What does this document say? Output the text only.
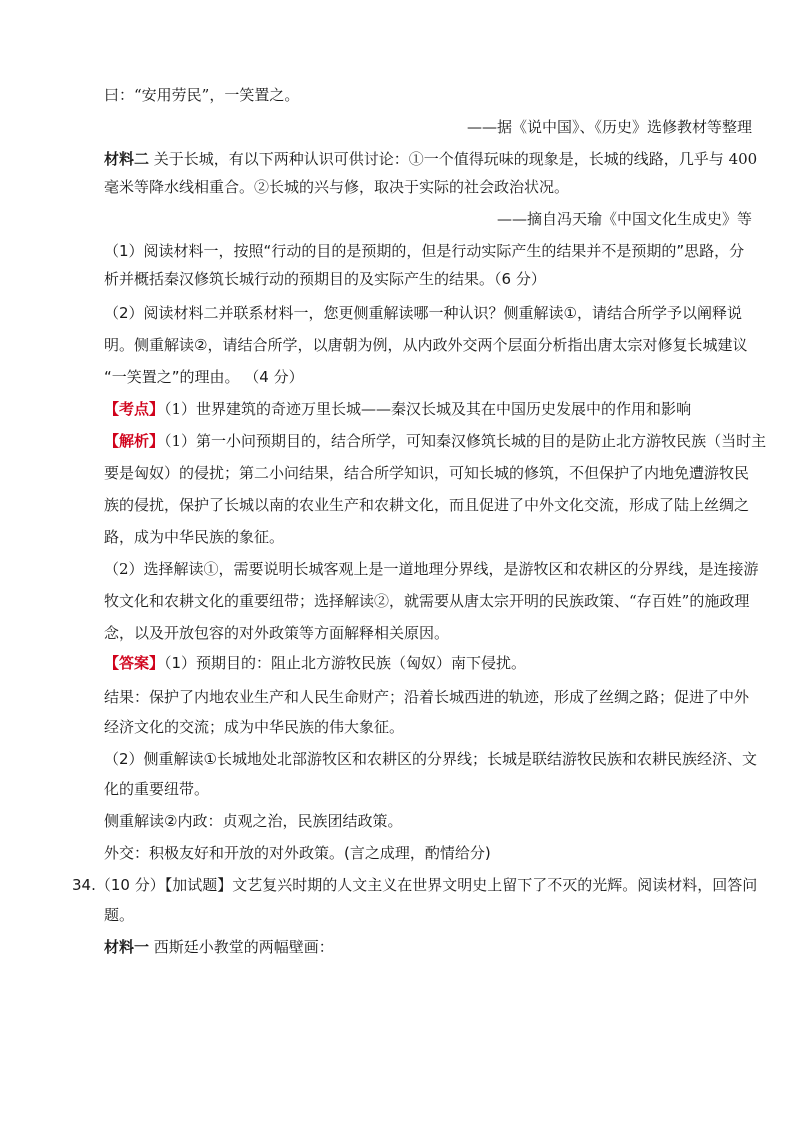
曰：“安用劳民”，一笑置之。
——据《说中国》、《历史》选修教材等整理
材料二 关于长城，有以下两种认识可供讨论：①一个值得玩味的现象是，长城的线路，几乎与 400
毫米等降水线相重合。②长城的兴与修，取决于实际的社会政治状况。
——摘自冯天瑜《中国文化生成史》等
（1）阅读材料一，按照“行动的目的是预期的，但是行动实际产生的结果并不是预期的”思路，分
析并概括秦汉修筑长城行动的预期目的及实际产生的结果。（6 分）
（2）阅读材料二并联系材料一，您更侧重解读哪一种认识？侧重解读①，请结合所学予以阐释说
明。侧重解读②，请结合所学，以唐朝为例，从内政外交两个层面分析指出唐太宗对修复长城建议
“一笑置之”的理由。 （4 分）
【考点】（1）世界建筑的奇迹万里长城——秦汉长城及其在中国历史发展中的作用和影响
【解析】（1）第一小问预期目的，结合所学，可知秦汉修筑长城的目的是防止北方游牧民族（当时主
要是匈奴）的侵扰；第二小问结果，结合所学知识，可知长城的修筑，不但保护了内地免遭游牧民
族的侵扰，保护了长城以南的农业生产和农耕文化，而且促进了中外文化交流，形成了陆上丝绸之
路，成为中华民族的象征。
（2）选择解读①，需要说明长城客观上是一道地理分界线，是游牧区和农耕区的分界线，是连接游
牧文化和农耕文化的重要纽带；选择解读②，就需要从唐太宗开明的民族政策、“存百姓”的施政理
念，以及开放包容的对外政策等方面解释相关原因。
【答案】（1）预期目的：阻止北方游牧民族（匈奴）南下侵扰。
结果：保护了内地农业生产和人民生命财产；沿着长城西进的轨迹，形成了丝绸之路；促进了中外
经济文化的交流；成为中华民族的伟大象征。
（2）侧重解读①长城地处北部游牧区和农耕区的分界线；长城是联结游牧民族和农耕民族经济、文
化的重要纽带。
侧重解读②内政：贞观之治，民族团结政策。
外交：积极友好和开放的对外政策。(言之成理，酌情给分)
34.（10 分）【加试题】文艺复兴时期的人文主义在世界文明史上留下了不灭的光辉。阅读材料，回答问
题。
材料一 西斯廷小教堂的两幅壁画：
